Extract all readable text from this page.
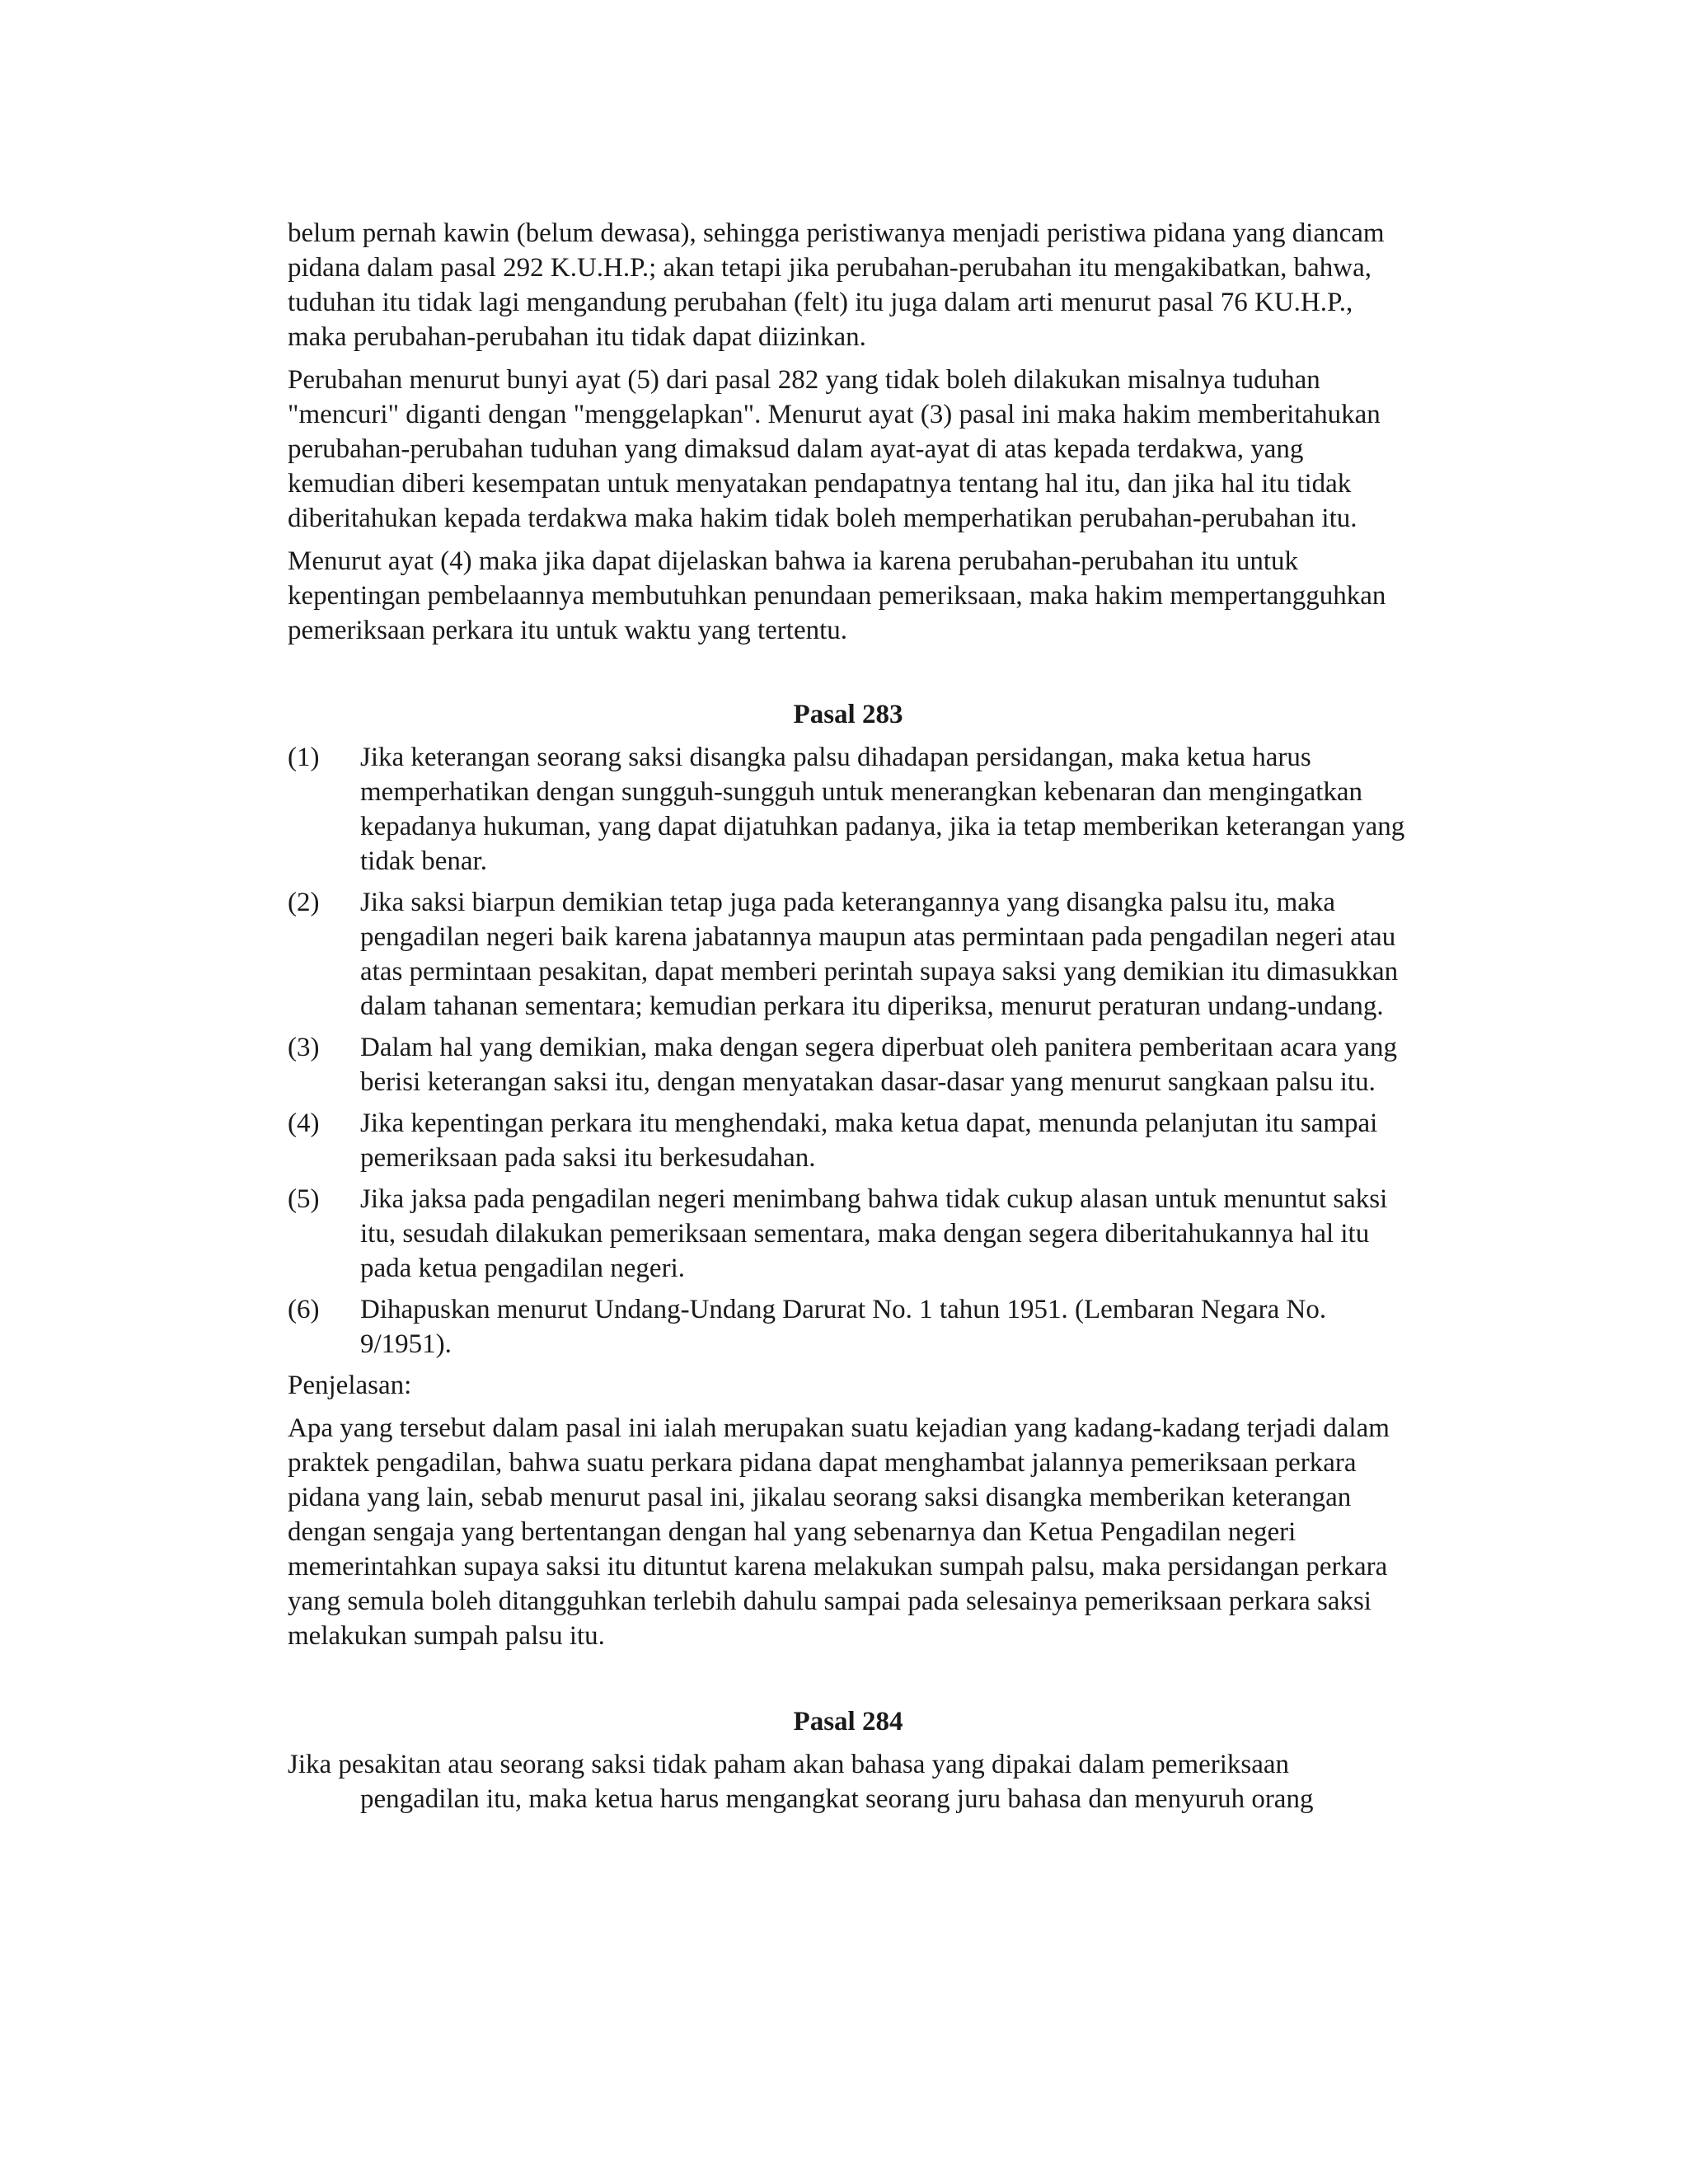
belum pernah kawin (belum dewasa), sehingga peristiwanya menjadi peristiwa pidana yang diancam pidana dalam pasal 292 K.U.H.P.; akan tetapi jika perubahan-perubahan itu mengakibatkan, bahwa, tuduhan itu tidak lagi mengandung perubahan (felt) itu juga dalam arti menurut pasal 76 KU.H.P., maka perubahan-perubahan itu tidak dapat diizinkan.

Perubahan menurut bunyi ayat (5) dari pasal 282 yang tidak boleh dilakukan misalnya tuduhan "mencuri" diganti dengan "menggelapkan". Menurut ayat (3) pasal ini maka hakim memberitahukan perubahan-perubahan tuduhan yang dimaksud dalam ayat-ayat di atas kepada terdakwa, yang kemudian diberi kesempatan untuk menyatakan pendapatnya tentang hal itu, dan jika hal itu tidak diberitahukan kepada terdakwa maka hakim tidak boleh memperhatikan perubahan-perubahan itu.

Menurut ayat (4) maka jika dapat dijelaskan bahwa ia karena perubahan-perubahan itu untuk kepentingan pembelaannya membutuhkan penundaan pemeriksaan, maka hakim mempertangguhkan pemeriksaan perkara itu untuk waktu yang tertentu.

Pasal 283
(1) Jika keterangan seorang saksi disangka palsu dihadapan persidangan, maka ketua harus memperhatikan dengan sungguh-sungguh untuk menerangkan kebenaran dan mengingatkan kepadanya hukuman, yang dapat dijatuhkan padanya, jika ia tetap memberikan keterangan yang tidak benar.
(2) Jika saksi biarpun demikian tetap juga pada keterangannya yang disangka palsu itu, maka pengadilan negeri baik karena jabatannya maupun atas permintaan pada pengadilan negeri atau atas permintaan pesakitan, dapat memberi perintah supaya saksi yang demikian itu dimasukkan dalam tahanan sementara; kemudian perkara itu diperiksa, menurut peraturan undang-undang.
(3) Dalam hal yang demikian, maka dengan segera diperbuat oleh panitera pemberitaan acara yang berisi keterangan saksi itu, dengan menyatakan dasar-dasar yang menurut sangkaan palsu itu.
(4) Jika kepentingan perkara itu menghendaki, maka ketua dapat, menunda pelanjutan itu sampai pemeriksaan pada saksi itu berkesudahan.
(5) Jika jaksa pada pengadilan negeri menimbang bahwa tidak cukup alasan untuk menuntut saksi itu, sesudah dilakukan pemeriksaan sementara, maka dengan segera diberitahukannya hal itu pada ketua pengadilan negeri.
(6) Dihapuskan menurut Undang-Undang Darurat No. 1 tahun 1951. (Lembaran Negara No. 9/1951).

Penjelasan:

Apa yang tersebut dalam pasal ini ialah merupakan suatu kejadian yang kadang-kadang terjadi dalam praktek pengadilan, bahwa suatu perkara pidana dapat menghambat jalannya pemeriksaan perkara pidana yang lain, sebab menurut pasal ini, jikalau seorang saksi disangka memberikan keterangan dengan sengaja yang bertentangan dengan hal yang sebenarnya dan Ketua Pengadilan negeri memerintahkan supaya saksi itu dituntut karena melakukan sumpah palsu, maka persidangan perkara yang semula boleh ditangguhkan terlebih dahulu sampai pada selesainya pemeriksaan perkara saksi melakukan sumpah palsu itu.

Pasal 284

Jika pesakitan atau seorang saksi tidak paham akan bahasa yang dipakai dalam pemeriksaan pengadilan itu, maka ketua harus mengangkat seorang juru bahasa dan menyuruh orang
